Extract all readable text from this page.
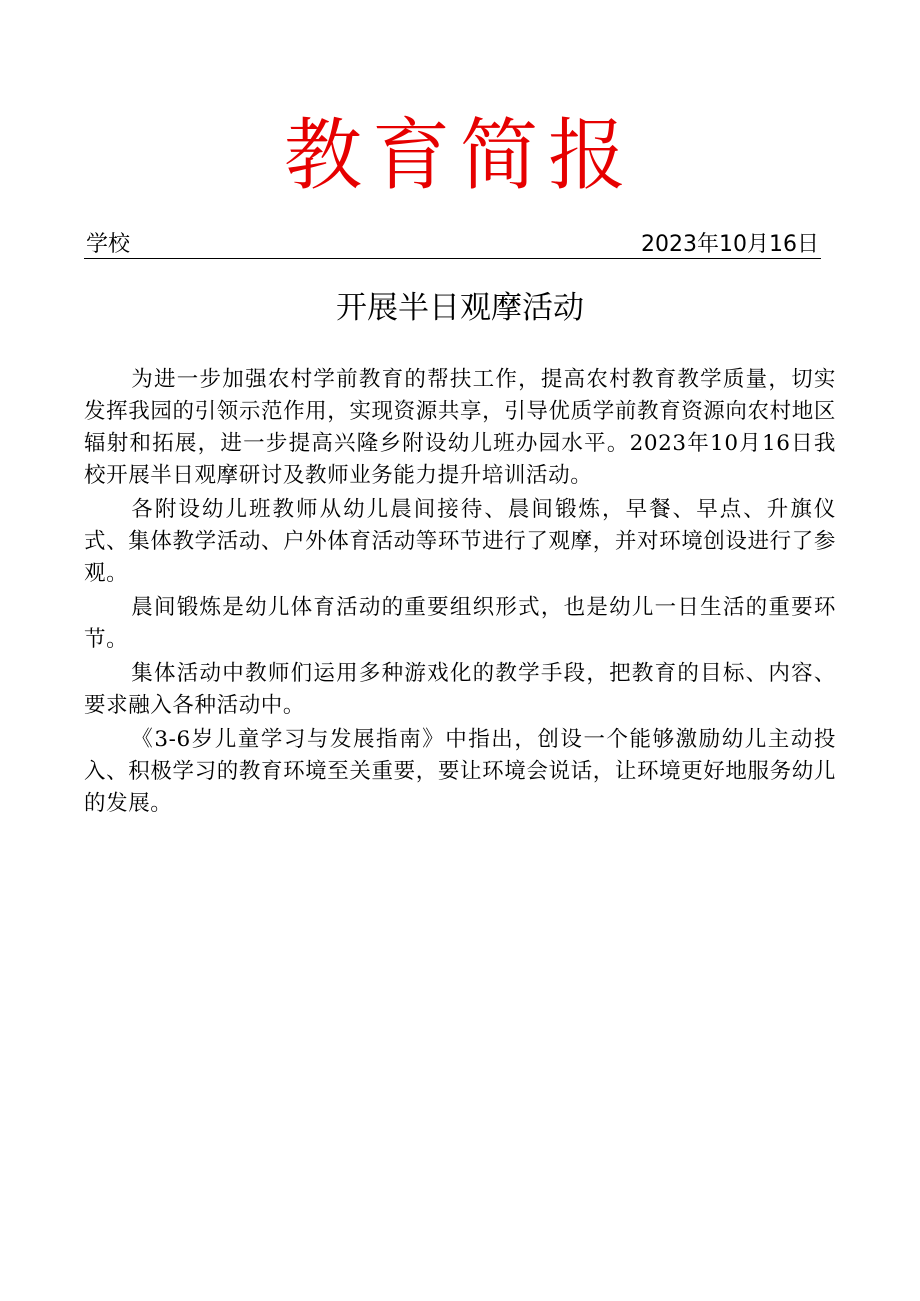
教育简报
学校	2023年10月16日
开展半日观摩活动

为进一步加强农村学前教育的帮扶工作，提高农村教育教学质量，切实发挥我园的引领示范作用，实现资源共享，引导优质学前教育资源向农村地区辐射和拓展，进一步提高兴隆乡附设幼儿班办园水平。2023年10月16日我校开展半日观摩研讨及教师业务能力提升培训活动。

各附设幼儿班教师从幼儿晨间接待、晨间锻炼，早餐、早点、升旗仪式、集体教学活动、户外体育活动等环节进行了观摩，并对环境创设进行了参观。

晨间锻炼是幼儿体育活动的重要组织形式，也是幼儿一日生活的重要环节。

集体活动中教师们运用多种游戏化的教学手段，把教育的目标、内容、要求融入各种活动中。

《3-6岁儿童学习与发展指南》中指出，创设一个能够激励幼儿主动投入、积极学习的教育环境至关重要，要让环境会说话，让环境更好地服务幼儿的发展。
